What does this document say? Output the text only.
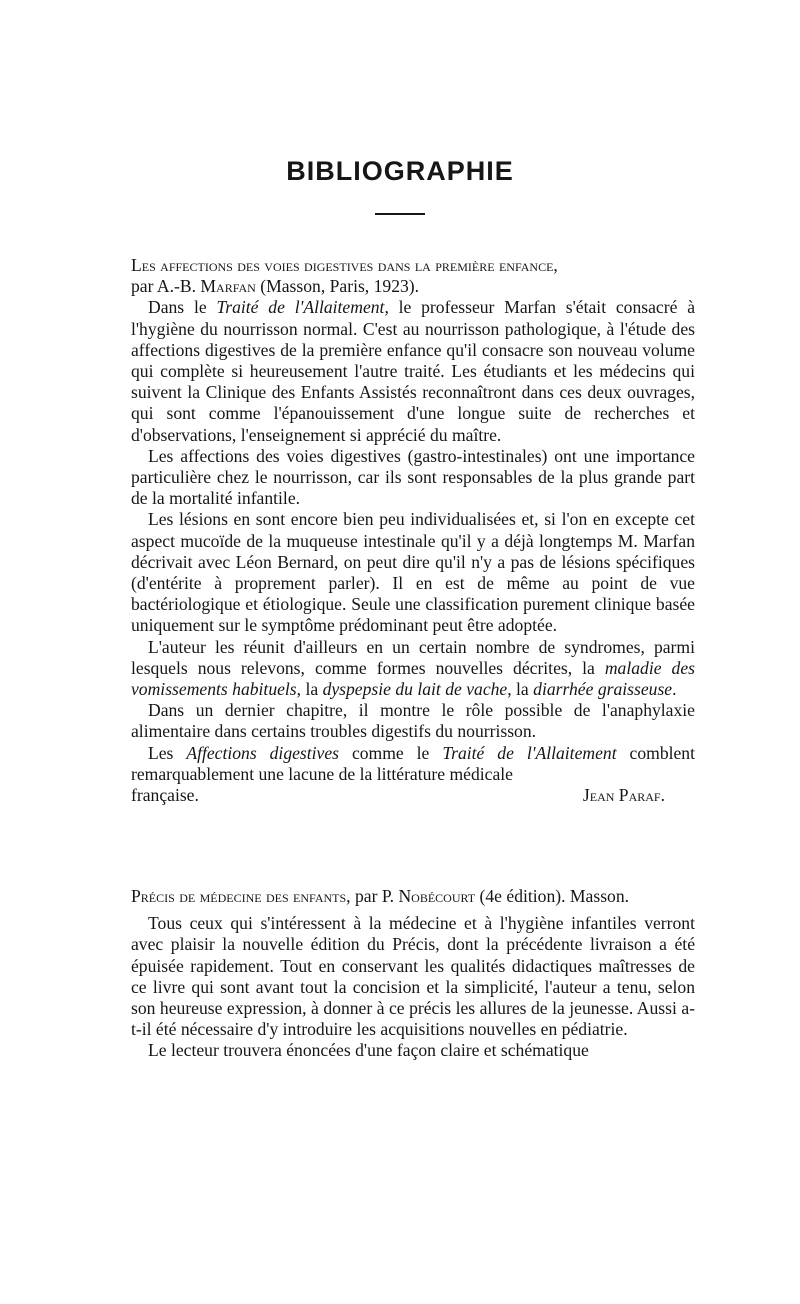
BIBLIOGRAPHIE

Les affections des voies digestives dans la première enfance,
par A.-B. Marfan (Masson, Paris, 1923).

Dans le Traité de l'Allaitement, le professeur Marfan s'était consacré à l'hygiène du nourrisson normal. C'est au nourrisson pathologique, à l'étude des affections digestives de la première enfance qu'il consacre son nouveau volume qui complète si heureusement l'autre traité. Les étudiants et les médecins qui suivent la Clinique des Enfants Assistés reconnaîtront dans ces deux ouvrages, qui sont comme l'épanouissement d'une longue suite de recherches et d'observations, l'enseignement si apprécié du maître.

Les affections des voies digestives (gastro-intestinales) ont une importance particulière chez le nourrisson, car ils sont responsables de la plus grande part de la mortalité infantile.

Les lésions en sont encore bien peu individualisées et, si l'on en excepte cet aspect mucoïde de la muqueuse intestinale qu'il y a déjà longtemps M. Marfan décrivait avec Léon Bernard, on peut dire qu'il n'y a pas de lésions spécifiques (d'entérite à proprement parler). Il en est de même au point de vue bactériologique et étiologique. Seule une classification purement clinique basée uniquement sur le symptôme prédominant peut être adoptée.

L'auteur les réunit d'ailleurs en un certain nombre de syndromes, parmi lesquels nous relevons, comme formes nouvelles décrites, la maladie des vomissements habituels, la dyspepsie du lait de vache, la diarrhée graisseuse.

Dans un dernier chapitre, il montre le rôle possible de l'anaphylaxie alimentaire dans certains troubles digestifs du nourrisson.

Les Affections digestives comme le Traité de l'Allaitement comblent remarquablement une lacune de la littérature médicale

française.	Jean Paraf.

Précis de médecine des enfants, par P. Nobécourt (4e édition). Masson.

Tous ceux qui s'intéressent à la médecine et à l'hygiène infantiles verront avec plaisir la nouvelle édition du Précis, dont la précédente livraison a été épuisée rapidement. Tout en conservant les qualités didactiques maîtresses de ce livre qui sont avant tout la concision et la simplicité, l'auteur a tenu, selon son heureuse expression, à donner à ce précis les allures de la jeunesse. Aussi a-t-il été nécessaire d'y introduire les acquisitions nouvelles en pédiatrie.

Le lecteur trouvera énoncées d'une façon claire et schématique
